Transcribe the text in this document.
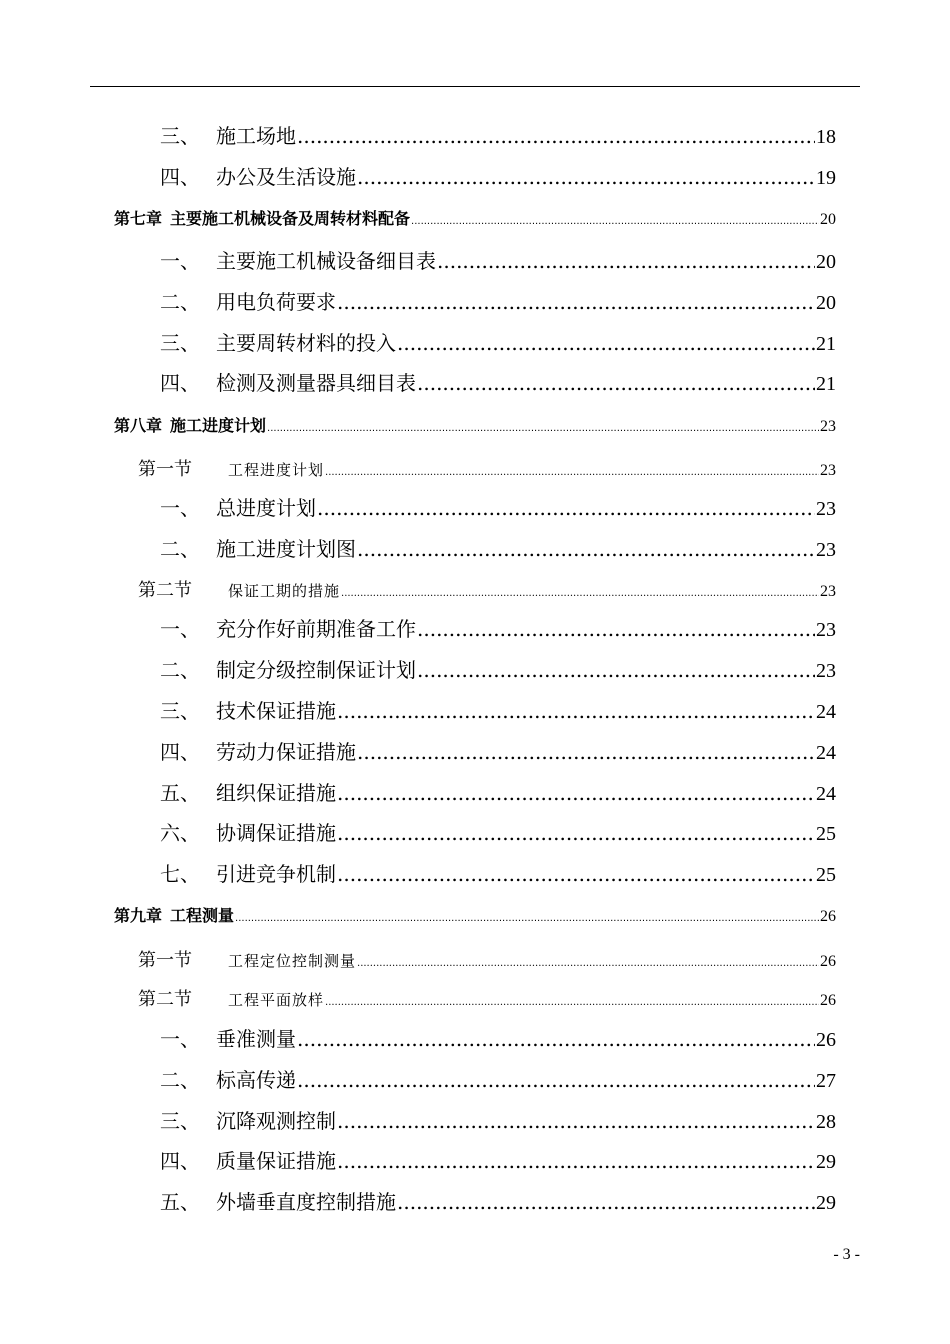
三、 施工场地 .....	18
四、 办公及生活设施 .....	19
第七章 主要施工机械设备及周转材料配备 .....	20
一、 主要施工机械设备细目表 .....	20
二、 用电负荷要求 .....	20
三、 主要周转材料的投入 .....	21
四、 检测及测量器具细目表 .....	21
第八章 施工进度计划 .....	23
第一节 工程进度计划 .....	23
一、 总进度计划 .....	23
二、 施工进度计划图 .....	23
第二节 保证工期的措施 .....	23
一、 充分作好前期准备工作 .....	23
二、 制定分级控制保证计划 .....	23
三、 技术保证措施 .....	24
四、 劳动力保证措施 .....	24
五、 组织保证措施 .....	24
六、 协调保证措施 .....	25
七、 引进竞争机制 .....	25
第九章 工程测量 .....	26
第一节 工程定位控制测量 .....	26
第二节 工程平面放样 .....	26
一、 垂准测量 .....	26
二、 标高传递 .....	27
三、 沉降观测控制 .....	28
四、 质量保证措施 .....	29
五、 外墙垂直度控制措施 .....	29
- 3 -
